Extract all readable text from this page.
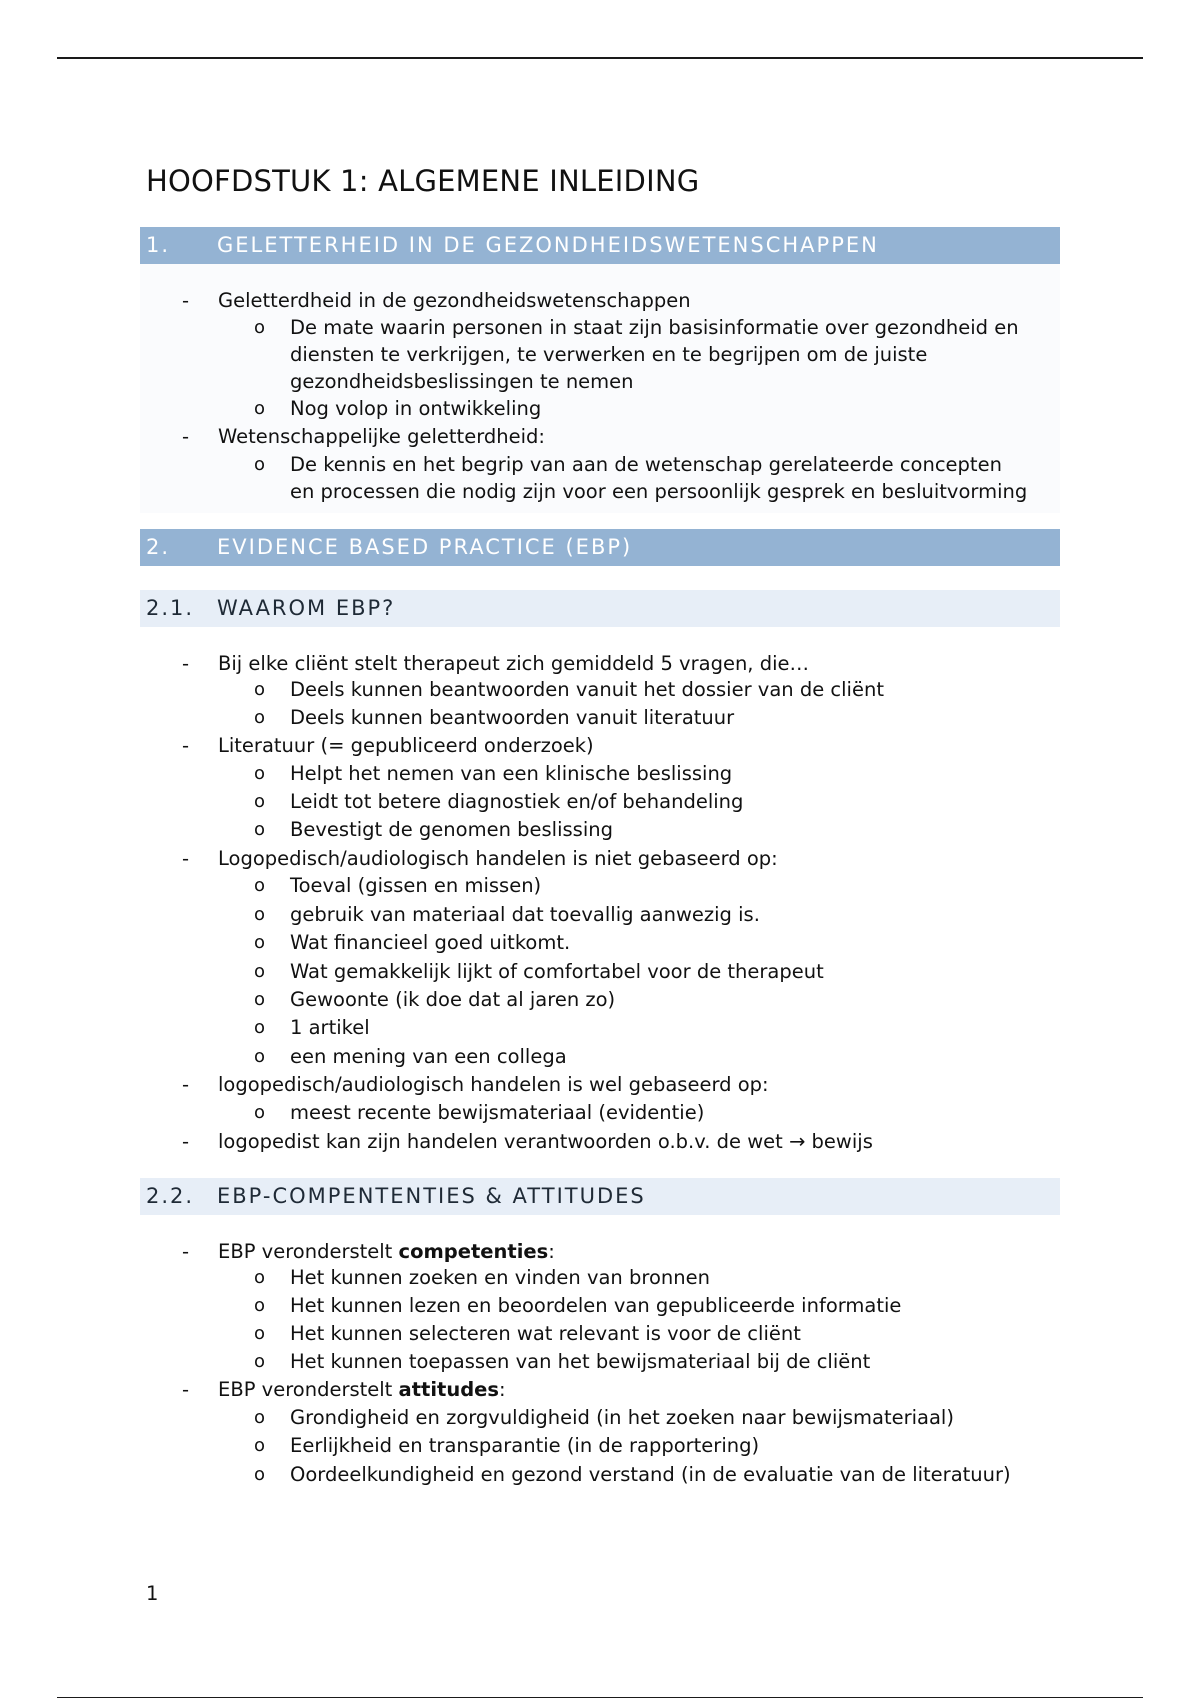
HOOFDSTUK 1: ALGEMENE INLEIDING
1. GELETTERHEID IN DE GEZONDHEIDSWETENSCHAPPEN
- Geletterdheid in de gezondheidswetenschappen
o De mate waarin personen in staat zijn basisinformatie over gezondheid en
diensten te verkrijgen, te verwerken en te begrijpen om de juiste
gezondheidsbeslissingen te nemen
o Nog volop in ontwikkeling
- Wetenschappelijke geletterdheid:
o De kennis en het begrip van aan de wetenschap gerelateerde concepten
en processen die nodig zijn voor een persoonlijk gesprek en besluitvorming
2. EVIDENCE BASED PRACTICE (EBP)
2.1. WAAROM EBP?
- Bij elke cliënt stelt therapeut zich gemiddeld 5 vragen, die…
o Deels kunnen beantwoorden vanuit het dossier van de cliënt
o Deels kunnen beantwoorden vanuit literatuur
- Literatuur (= gepubliceerd onderzoek)
o Helpt het nemen van een klinische beslissing
o Leidt tot betere diagnostiek en/of behandeling
o Bevestigt de genomen beslissing
- Logopedisch/audiologisch handelen is niet gebaseerd op:
o Toeval (gissen en missen)
o gebruik van materiaal dat toevallig aanwezig is.
o Wat financieel goed uitkomt.
o Wat gemakkelijk lijkt of comfortabel voor de therapeut
o Gewoonte (ik doe dat al jaren zo)
o 1 artikel
o een mening van een collega
- logopedisch/audiologisch handelen is wel gebaseerd op:
o meest recente bewijsmateriaal (evidentie)
- logopedist kan zijn handelen verantwoorden o.b.v. de wet → bewijs
2.2. EBP-COMPENTENTIES & ATTITUDES
- EBP veronderstelt competenties:
o Het kunnen zoeken en vinden van bronnen
o Het kunnen lezen en beoordelen van gepubliceerde informatie
o Het kunnen selecteren wat relevant is voor de cliënt
o Het kunnen toepassen van het bewijsmateriaal bij de cliënt
- EBP veronderstelt attitudes:
o Grondigheid en zorgvuldigheid (in het zoeken naar bewijsmateriaal)
o Eerlijkheid en transparantie (in de rapportering)
o Oordeelkundigheid en gezond verstand (in de evaluatie van de literatuur)
1
